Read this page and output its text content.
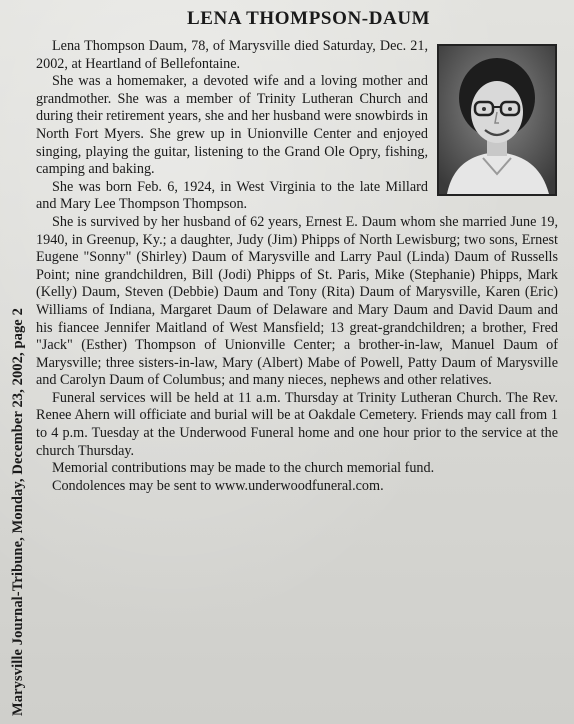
Marysville Journal-Tribune, Monday, December 23, 2002, page 2
LENA THOMPSON-DAUM

Lena Thompson Daum, 78, of Marysville died Saturday, Dec. 21, 2002, at Heartland of Bellefontaine.

She was a homemaker, a devoted wife and a loving mother and grandmother. She was a member of Trinity Lutheran Church and during their retirement years, she and her husband were snowbirds in North Fort Myers. She grew up in Unionville Center and enjoyed singing, playing the guitar, listening to the Grand Ole Opry, fishing, camping and baking.

She was born Feb. 6, 1924, in West Virginia to the late Millard and Mary Lee Thompson Thompson.

She is survived by her husband of 62 years, Ernest E. Daum whom she married June 19, 1940, in Greenup, Ky.; a daughter, Judy (Jim) Phipps of North Lewisburg; two sons, Ernest Eugene "Sonny" (Shirley) Daum of Marysville and Larry Paul (Linda) Daum of Russells Point; nine grandchildren, Bill (Jodi) Phipps of St. Paris, Mike (Stephanie) Phipps, Mark (Kelly) Daum, Steven (Debbie) Daum and Tony (Rita) Daum of Marysville, Karen (Eric) Williams of Indiana, Margaret Daum of Delaware and Mary Daum and David Daum and his fiancee Jennifer Maitland of West Mansfield; 13 great-grandchildren; a brother, Fred "Jack" (Esther) Thompson of Unionville Center; a brother-in-law, Manuel Daum of Marysville; three sisters-in-law, Mary (Albert) Mabe of Powell, Patty Daum of Marysville and Carolyn Daum of Columbus; and many nieces, nephews and other relatives.

Funeral services will be held at 11 a.m. Thursday at Trinity Lutheran Church. The Rev. Renee Ahern will officiate and burial will be at Oakdale Cemetery. Friends may call from 1 to 4 p.m. Tuesday at the Underwood Funeral home and one hour prior to the service at the church Thursday.

Memorial contributions may be made to the church memorial fund.

Condolences may be sent to www.underwoodfuneral.com.
